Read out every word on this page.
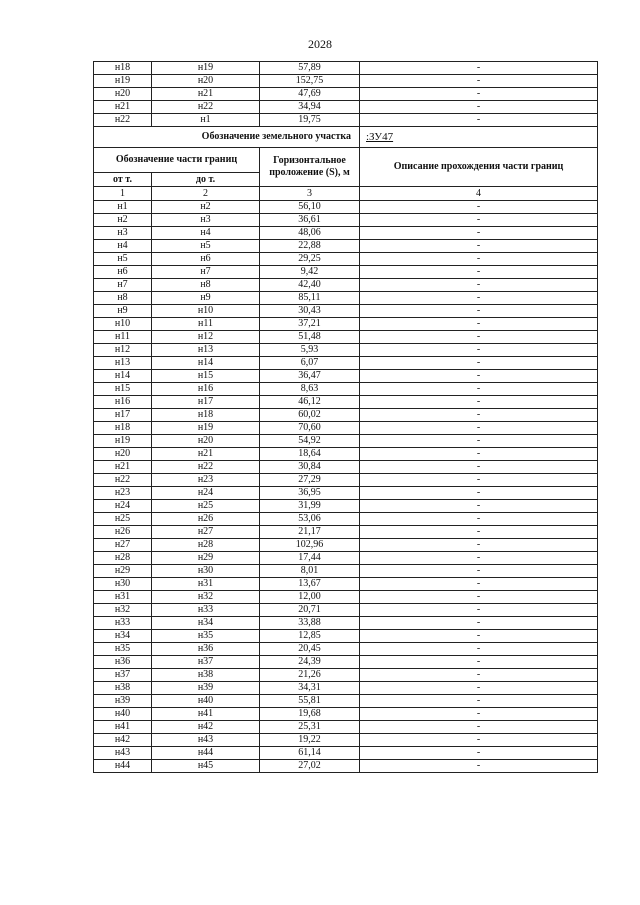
2028
н18	н19	57,89	-
н19	н20	152,75	-
н20	н21	47,69	-
н21	н22	34,94	-
н22	н1	19,75	-
Обозначение земельного участка			:ЗУ47
Обозначение части границ		Горизонтальное проложение (S), м	Описание прохождения части границ
от т.	до т.		
1	2	3	4
н1	н2	56,10	-
н2	н3	36,61	-
н3	н4	48,06	-
н4	н5	22,88	-
н5	н6	29,25	-
н6	н7	9,42	-
н7	н8	42,40	-
н8	н9	85,11	-
н9	н10	30,43	-
н10	н11	37,21	-
н11	н12	51,48	-
н12	н13	5,93	-
н13	н14	6,07	-
н14	н15	36,47	-
н15	н16	8,63	-
н16	н17	46,12	-
н17	н18	60,02	-
н18	н19	70,60	-
н19	н20	54,92	-
н20	н21	18,64	-
н21	н22	30,84	-
н22	н23	27,29	-
н23	н24	36,95	-
н24	н25	31,99	-
н25	н26	53,06	-
н26	н27	21,17	-
н27	н28	102,96	-
н28	н29	17,44	-
н29	н30	8,01	-
н30	н31	13,67	-
н31	н32	12,00	-
н32	н33	20,71	-
н33	н34	33,88	-
н34	н35	12,85	-
н35	н36	20,45	-
н36	н37	24,39	-
н37	н38	21,26	-
н38	н39	34,31	-
н39	н40	55,81	-
н40	н41	19,68	-
н41	н42	25,31	-
н42	н43	19,22	-
н43	н44	61,14	-
н44	н45	27,02	-
